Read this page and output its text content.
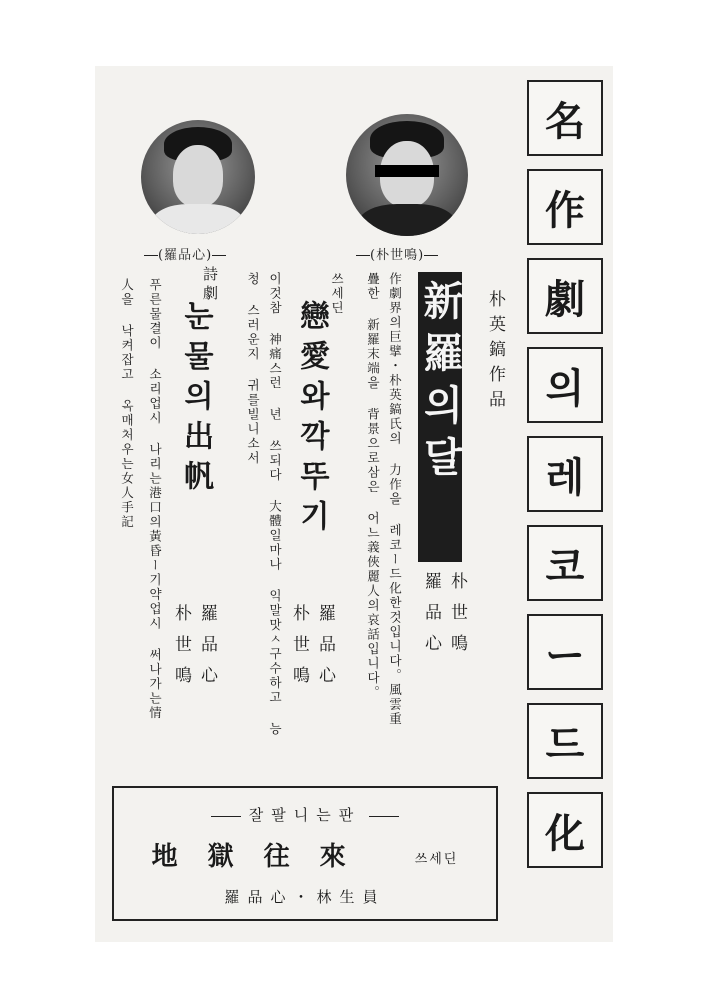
名
作
劇
의
레
코
ー
드
化
(朴世鳴)
朴英鎬作品
朴世鳴
羅品心
新羅의달
作劇界의巨擘・朴英鎬氏의 力作을 레코ー드化한것입니다。風雲重
疊한 新羅末端을 背景으로삼은 어느義俠麗人의哀話입니다。
쓰세딘
戀愛와깍뚜기
이것참 神痛스런 년 쓰되다 大體일마나 익말맛ㅅ구수하고 능
청 스러운지 귀를빌니소서
羅品心
朴世鳴
(羅品心)
詩劇
눈물의出帆
푸른물결이 소리업시 나리는港口의黃昏ー기약업시 써나가는情
人을 낙켜잡고 옥매처우는女人手記
羅品心
朴世鳴
잘팔니는판
地獄往來	쓰세딘
羅品心・林生員
